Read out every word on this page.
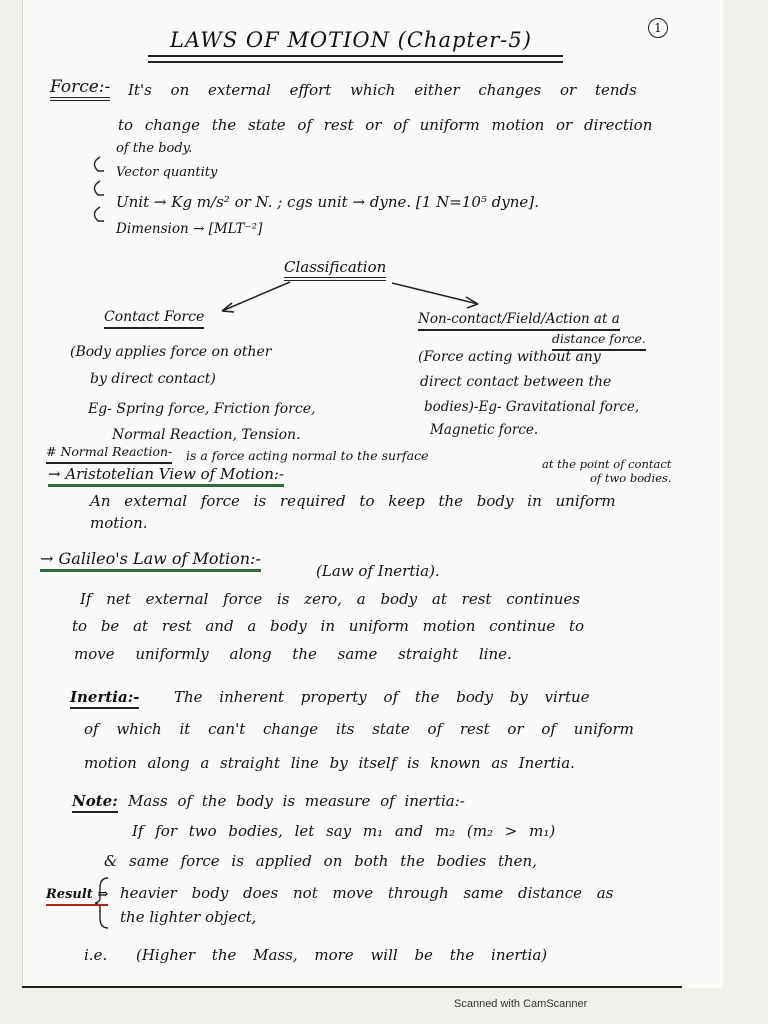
LAWS OF MOTION (Chapter-5)	1
Force:- It's on external effort which either changes or tends
to change the state of rest or of uniform motion or direction
of the body.
Vector quantity
Unit → Kg m/s² or N. ; cgs unit → dyne. [1 N=10⁵ dyne].
Dimension → [MLT⁻²]
Classification
Contact Force
(Body applies force on other
by direct contact)
Eg- Spring force, Friction force,
Normal Reaction, Tension.
Non-contact/Field/Action at a
distance force.
(Force acting without any
direct contact between the
bodies)-Eg- Gravitational force,
Magnetic force.
# Normal Reaction- is a force acting normal to the surface
at the point of contact
of two bodies.
→ Aristotelian View of Motion:-
An external force is required to keep the body in uniform
motion.
→ Galileo's Law of Motion:-
(Law of Inertia).
If net external force is zero, a body at rest continues
to be at rest and a body in uniform motion continue to
move uniformly along the same straight line.
Inertia:- The inherent property of the body by virtue
of which it can't change its state of rest or of uniform
motion along a straight line by itself is known as Inertia.
Note: Mass of the body is measure of inertia:-
If for two bodies, let say m₁ and m₂ (m₂ > m₁)
& same force is applied on both the bodies then,
Result ⇒ heavier body does not move through same distance as
the lighter object,
i.e. (Higher the Mass, more will be the inertia)
Scanned with CamScanner
